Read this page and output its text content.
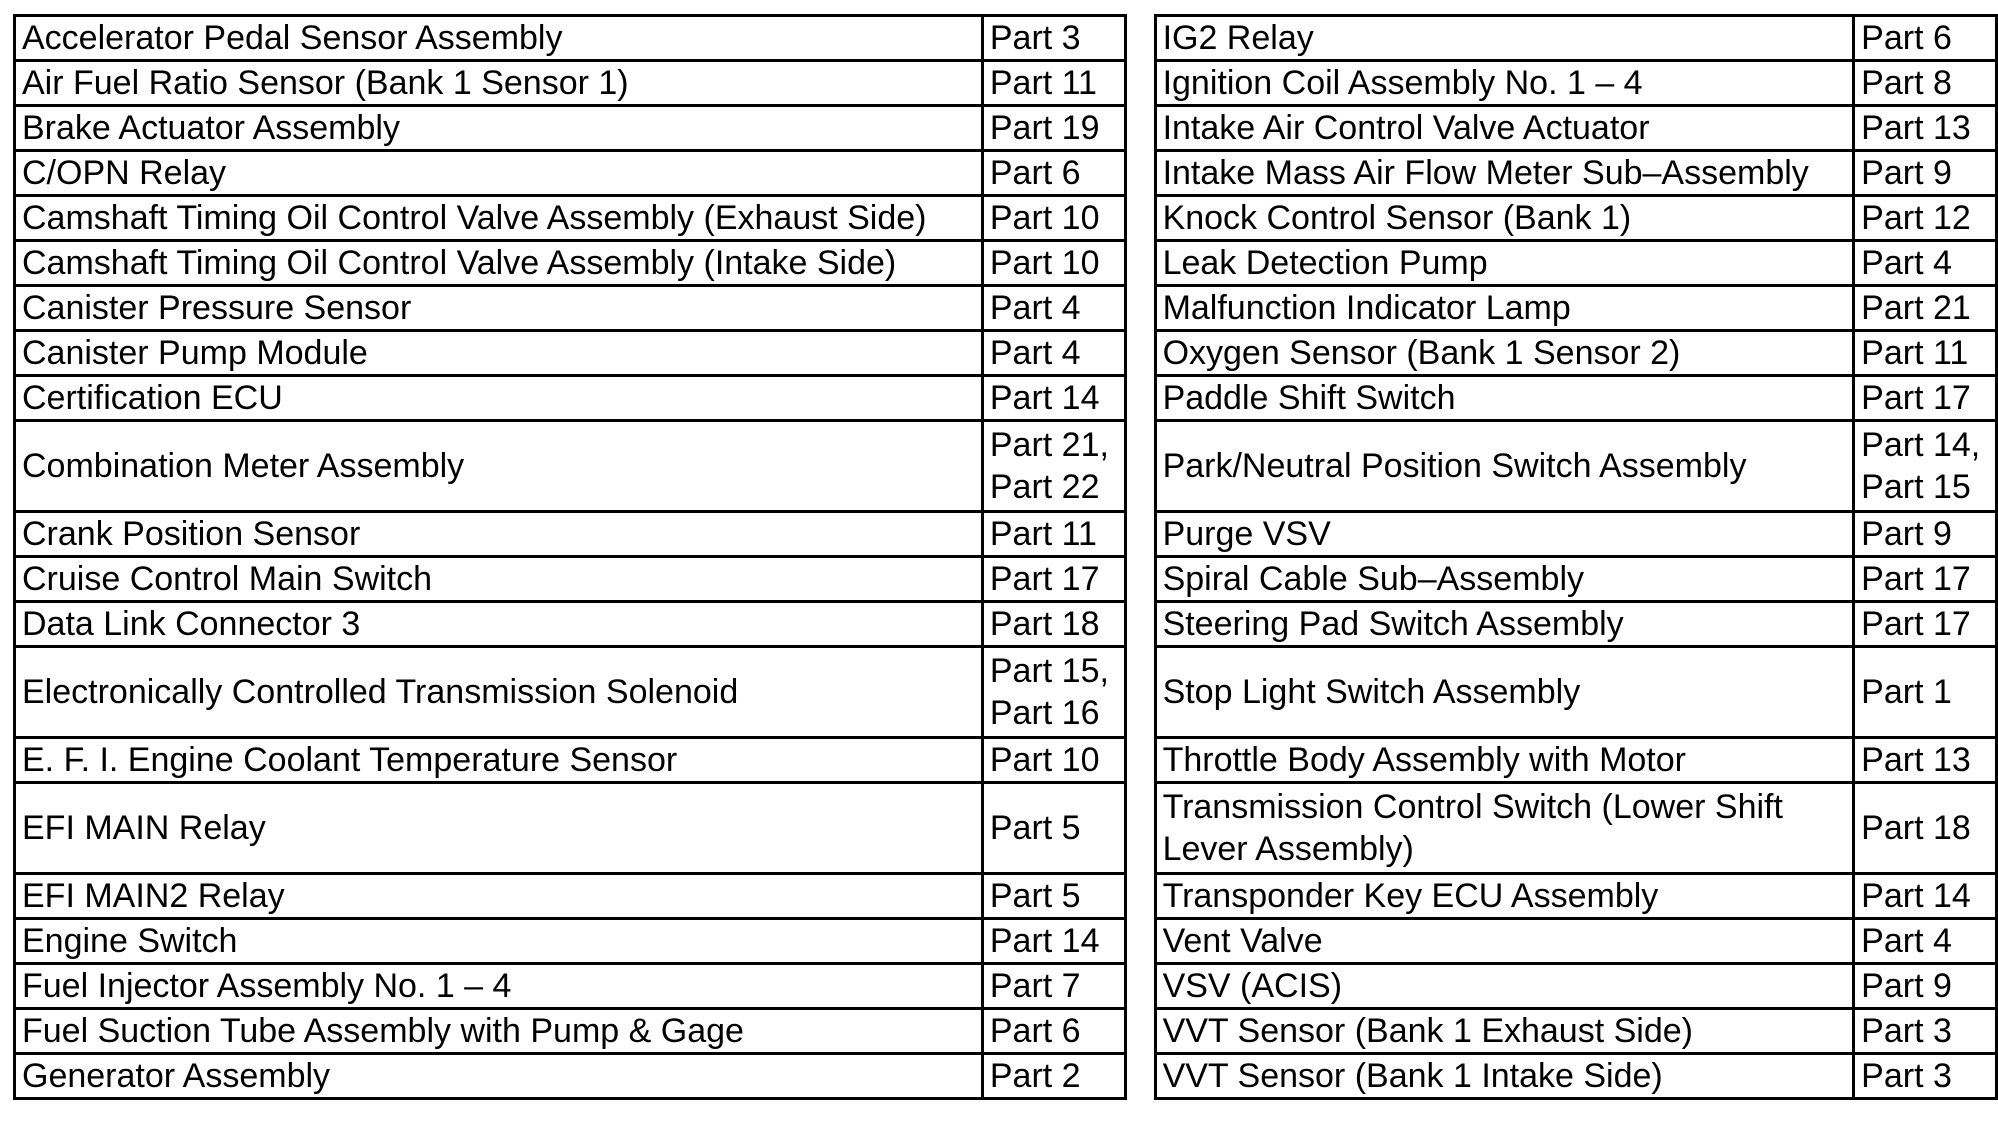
Accelerator Pedal Sensor Assembly	Part 3		IG2 Relay	Part 6
Air Fuel Ratio Sensor (Bank 1 Sensor 1)	Part 11		Ignition Coil Assembly No. 1 – 4	Part 8
Brake Actuator Assembly	Part 19		Intake Air Control Valve Actuator	Part 13
C/OPN Relay	Part 6		Intake Mass Air Flow Meter Sub–Assembly	Part 9
Camshaft Timing Oil Control Valve Assembly (Exhaust Side)	Part 10		Knock Control Sensor (Bank 1)	Part 12
Camshaft Timing Oil Control Valve Assembly (Intake Side)	Part 10		Leak Detection Pump	Part 4
Canister Pressure Sensor	Part 4		Malfunction Indicator Lamp	Part 21
Canister Pump Module	Part 4		Oxygen Sensor (Bank 1 Sensor 2)	Part 11
Certification ECU	Part 14		Paddle Shift Switch	Part 17
Combination Meter Assembly	Part 21, Part 22		Park/Neutral Position Switch Assembly	Part 14, Part 15
Crank Position Sensor	Part 11		Purge VSV	Part 9
Cruise Control Main Switch	Part 17		Spiral Cable Sub–Assembly	Part 17
Data Link Connector 3	Part 18		Steering Pad Switch Assembly	Part 17
Electronically Controlled Transmission Solenoid	Part 15, Part 16		Stop Light Switch Assembly	Part 1
E. F. I. Engine Coolant Temperature Sensor	Part 10		Throttle Body Assembly with Motor	Part 13
EFI MAIN Relay	Part 5		Transmission Control Switch (Lower Shift Lever Assembly)	Part 18
EFI MAIN2 Relay	Part 5		Transponder Key ECU Assembly	Part 14
Engine Switch	Part 14		Vent Valve	Part 4
Fuel Injector Assembly No. 1 – 4	Part 7		VSV (ACIS)	Part 9
Fuel Suction Tube Assembly with Pump & Gage	Part 6		VVT Sensor (Bank 1 Exhaust Side)	Part 3
Generator Assembly	Part 2		VVT Sensor (Bank 1 Intake Side)	Part 3
